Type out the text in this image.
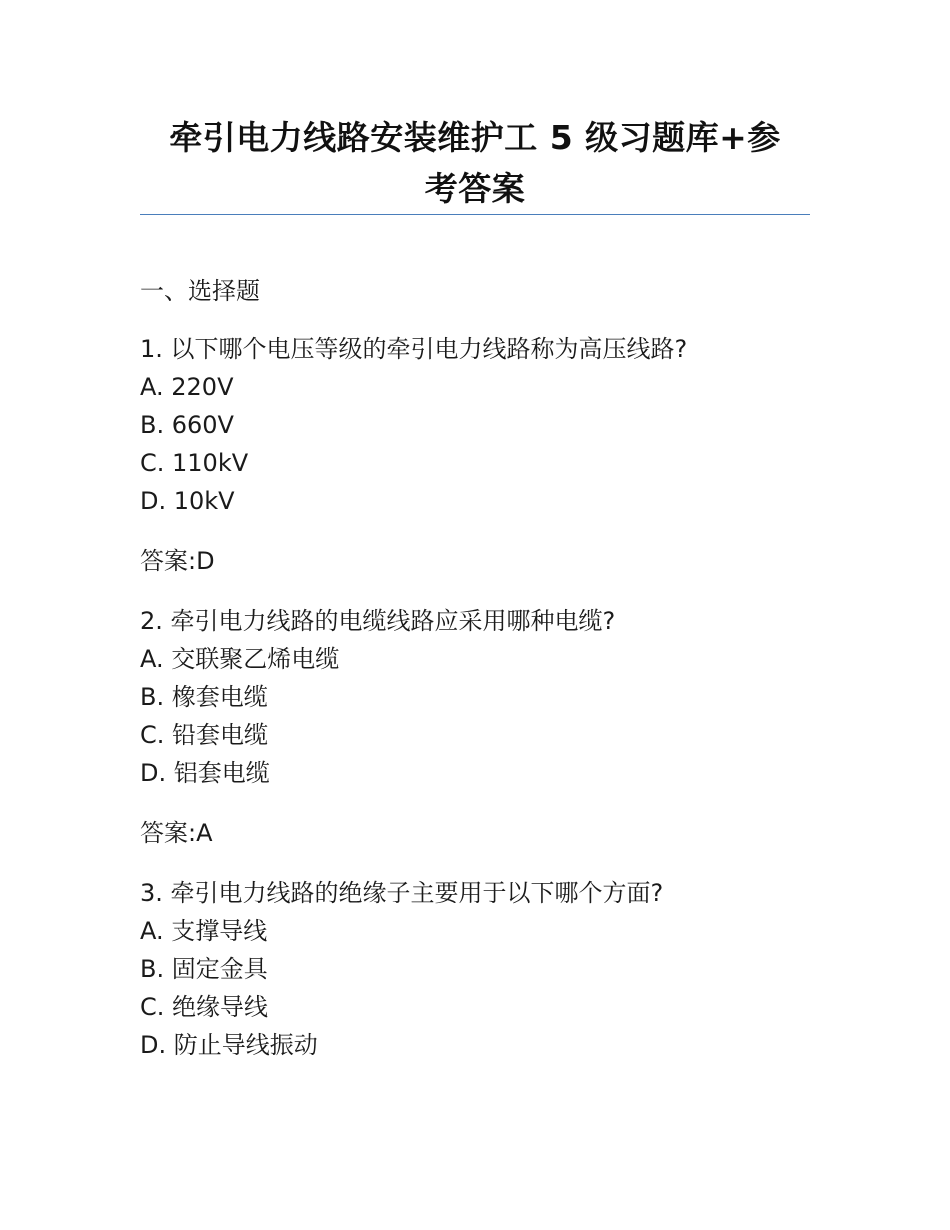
牵引电力线路安装维护工 5 级习题库+参
考答案
一、选择题
1. 以下哪个电压等级的牵引电力线路称为高压线路?
A. 220V
B. 660V
C. 110kV
D. 10kV
答案:D
2. 牵引电力线路的电缆线路应采用哪种电缆?
A. 交联聚乙烯电缆
B. 橡套电缆
C. 铅套电缆
D. 铝套电缆
答案:A
3. 牵引电力线路的绝缘子主要用于以下哪个方面?
A. 支撑导线
B. 固定金具
C. 绝缘导线
D. 防止导线振动
